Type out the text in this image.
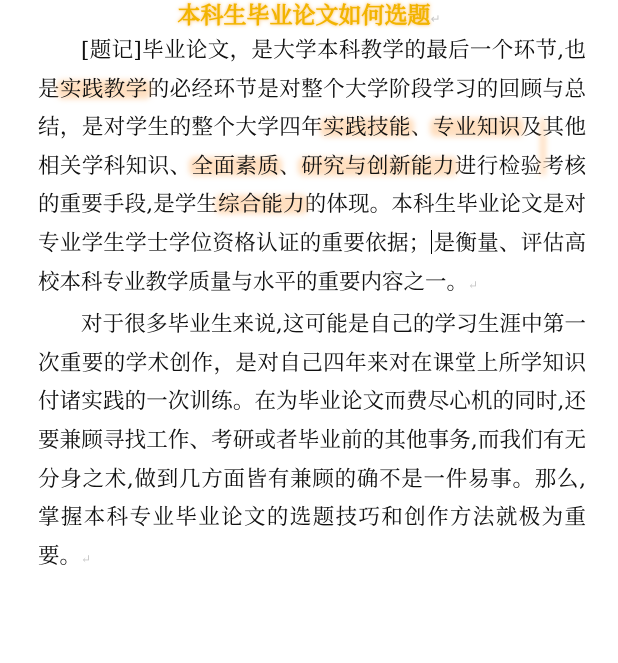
本科生毕业论文如何选题↵

[题记]毕业论文，是大学本科教学的最后一个环节,也是实践教学的必经环节是对整个大学阶段学习的回顾与总结，是对学生的整个大学四年实践技能、专业知识及其他相关学科知识、全面素质、研究与创新能力进行检验考核的重要手段,是学生综合能力的体现。本科生毕业论文是对专业学生学士学位资格认证的重要依据； 是衡量、评估高校本科专业教学质量与水平的重要内容之一。↵

对于很多毕业生来说,这可能是自己的学习生涯中第一次重要的学术创作，是对自己四年来对在课堂上所学知识付诸实践的一次训练。在为毕业论文而费尽心机的同时,还要兼顾寻找工作、考研或者毕业前的其他事务,而我们有无分身之术,做到几方面皆有兼顾的确不是一件易事。那么,掌握本科专业毕业论文的选题技巧和创作方法就极为重要。↵
